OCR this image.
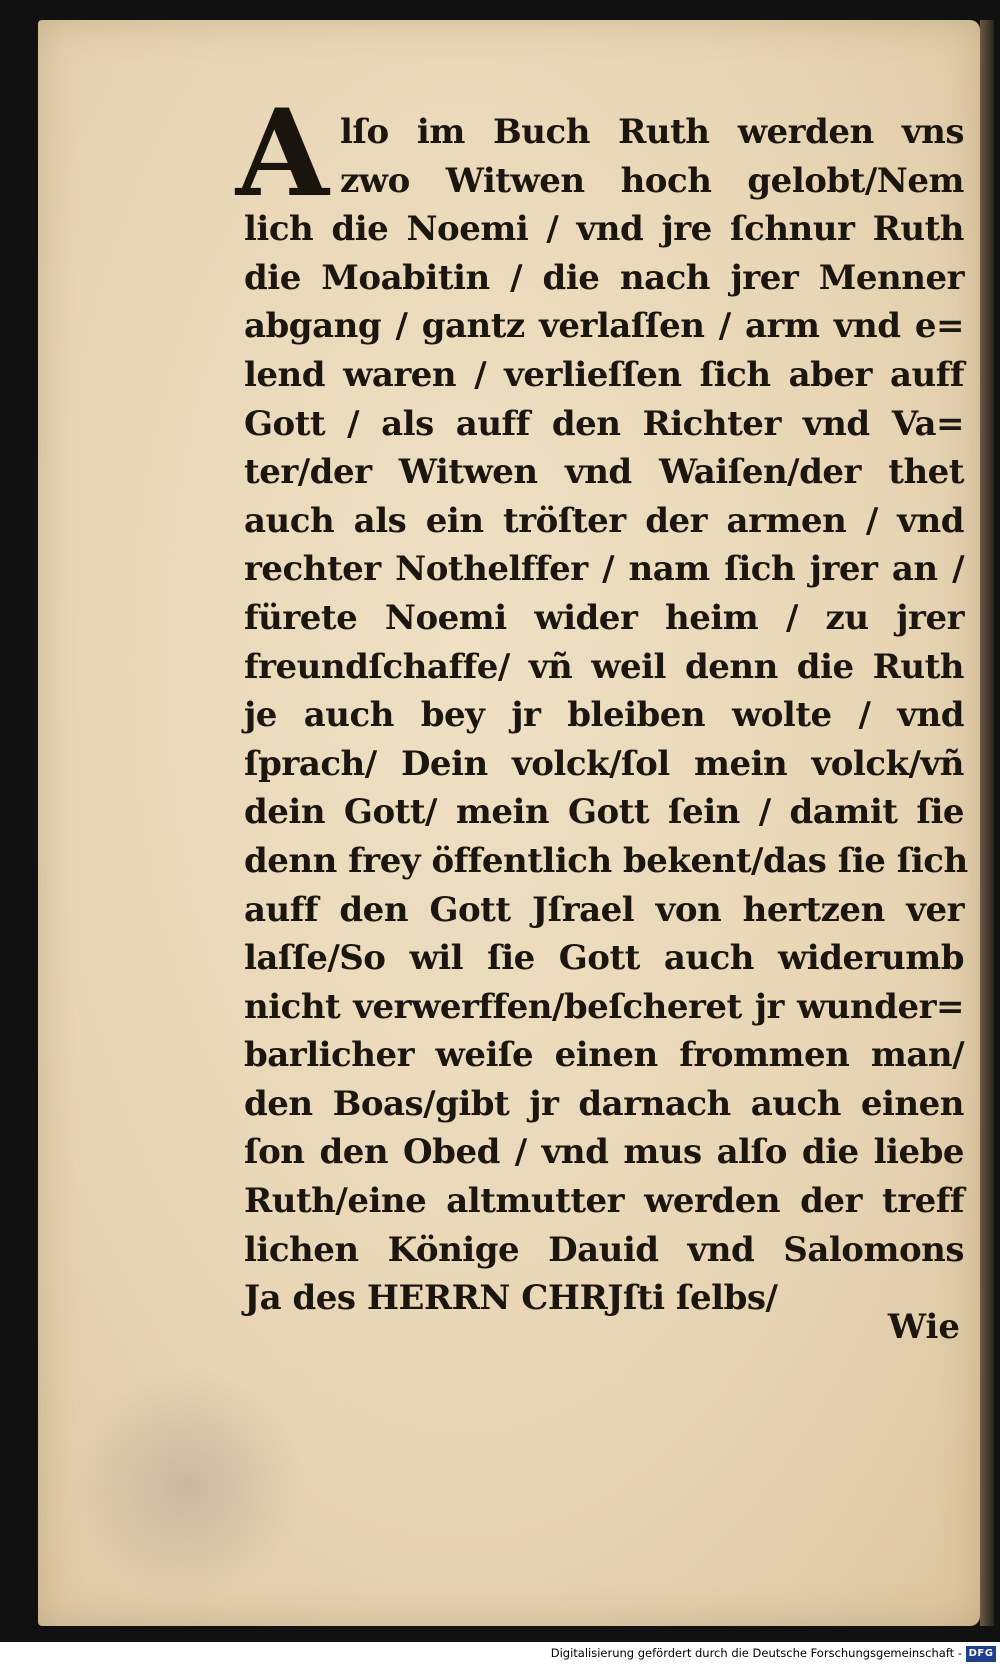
A lſo im Buch Ruth werden vns
zwo Witwen hoch gelobt/Nem
lich die Noemi / vnd jre ſchnur Ruth
die Moabitin / die nach jrer Menner
abgang / gantz verlaſſen / arm vnd e=
lend waren / verlieſſen ſich aber auff
Gott / als auff den Richter vnd Va=
ter/der Witwen vnd Waiſen/der thet
auch als ein tröſter der armen / vnd
rechter Nothelffer / nam ſich jrer an /
fürete Noemi wider heim / zu jrer
freundſchaffe/ vñ weil denn die Ruth
je auch bey jr bleiben wolte / vnd
ſprach/ Dein volck/ſol mein volck/vñ
dein Gott/ mein Gott ſein / damit ſie
denn frey öffentlich bekent/das ſie ſich
auff den Gott Jſrael von hertzen ver
laſſe/So wil ſie Gott auch widerumb
nicht verwerffen/beſcheret jr wunder=
barlicher weiſe einen frommen man/
den Boas/gibt jr darnach auch einen
ſon den Obed / vnd mus alſo die liebe
Ruth/eine altmutter werden der treff
lichen Könige Dauid vnd Salomons
Ja des HERRN CHRJſti ſelbs/
Wie
Digitalisierung gefördert durch die Deutsche Forschungsgemeinschaft - DFG
